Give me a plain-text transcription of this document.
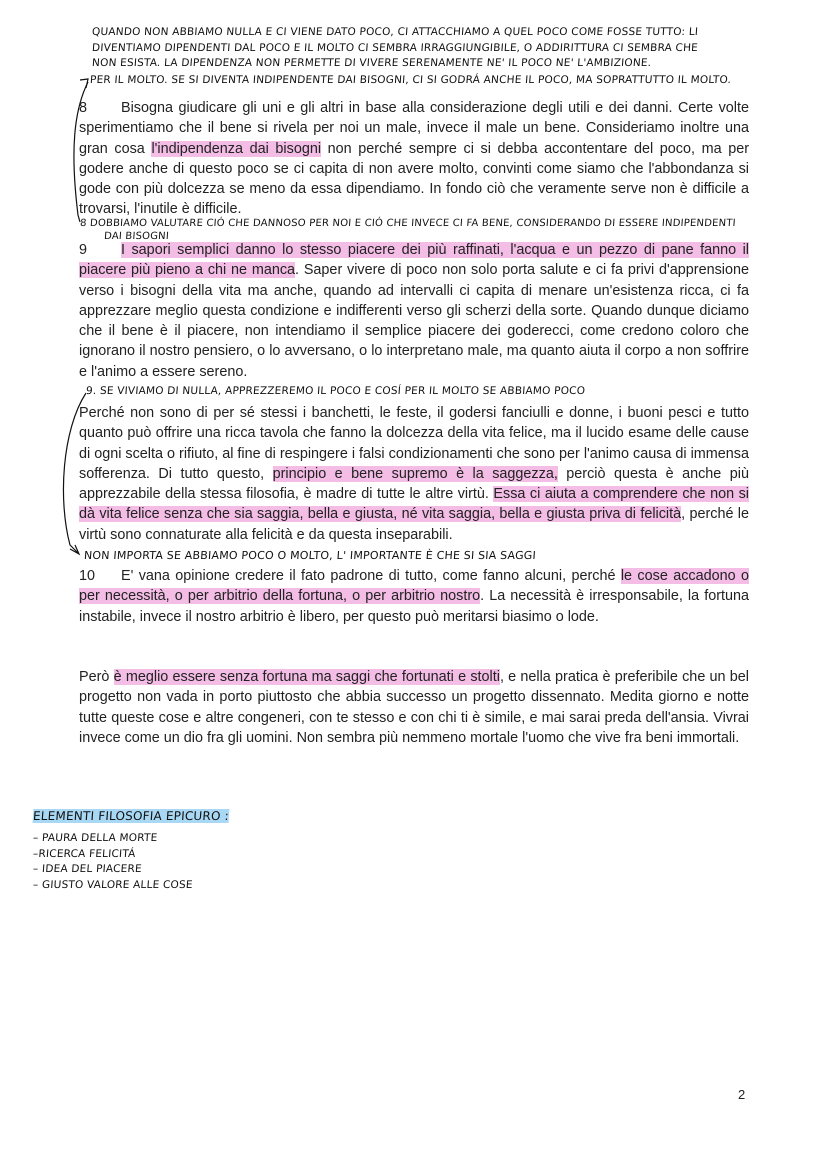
QUANDO NON ABBIAMO NULLA E CI VIENE DATO POCO, CI ATTACCHIAMO A QUEL POCO COME FOSSE TUTTO: LI
DIVENTIAMO DIPENDENTI DAL POCO E IL MOLTO CI SEMBRA IRRAGGIUNGIBILE, O ADDIRITTURA CI SEMBRA CHE
NON ESISTA. LA DIPENDENZA NON PERMETTE DI VIVERE SERENAMENTE NE' IL POCO NE' L'AMBIZIONE.
PER IL MOLTO. SE SI DIVENTA INDIPENDENTE DAI BISOGNI, CI SI GODRÁ ANCHE IL POCO, MA SOPRATTUTTO IL MOLTO.

8 Bisogna giudicare gli uni e gli altri in base alla considerazione degli utili e dei danni. Certe volte sperimentiamo che il bene si rivela per noi un male, invece il male un bene. Consideriamo inoltre una gran cosa l'indipendenza dai bisogni non perché sempre ci si debba accontentare del poco, ma per godere anche di questo poco se ci capita di non avere molto, convinti come siamo che l'abbondanza si gode con più dolcezza se meno da essa dipendiamo. In fondo ciò che veramente serve non è difficile a trovarsi, l'inutile è difficile.

8 DOBBIAMO VALUTARE CIÓ CHE DANNOSO PER NOI E CIÓ CHE INVECE CI FA BENE, CONSIDERANDO DI ESSERE INDIPENDENTI
DAI BISOGNI

9 I sapori semplici danno lo stesso piacere dei più raffinati, l'acqua e un pezzo di pane fanno il piacere più pieno a chi ne manca. Saper vivere di poco non solo porta salute e ci fa privi d'apprensione verso i bisogni della vita ma anche, quando ad intervalli ci capita di menare un'esistenza ricca, ci fa apprezzare meglio questa condizione e indifferenti verso gli scherzi della sorte. Quando dunque diciamo che il bene è il piacere, non intendiamo il semplice piacere dei goderecci, come credono coloro che ignorano il nostro pensiero, o lo avversano, o lo interpretano male, ma quanto aiuta il corpo a non soffrire e l'animo a essere sereno.

9. SE VIVIAMO DI NULLA, APPREZZEREMO IL POCO E COSÍ PER IL MOLTO SE ABBIAMO POCO

Perché non sono di per sé stessi i banchetti, le feste, il godersi fanciulli e donne, i buoni pesci e tutto quanto può offrire una ricca tavola che fanno la dolcezza della vita felice, ma il lucido esame delle cause di ogni scelta o rifiuto, al fine di respingere i falsi condizionamenti che sono per l'animo causa di immensa sofferenza. Di tutto questo, principio e bene supremo è la saggezza, perciò questa è anche più apprezzabile della stessa filosofia, è madre di tutte le altre virtù. Essa ci aiuta a comprendere che non si dà vita felice senza che sia saggia, bella e giusta, né vita saggia, bella e giusta priva di felicità, perché le virtù sono connaturate alla felicità e da questa inseparabili.

NON IMPORTA SE ABBIAMO POCO O MOLTO, L' IMPORTANTE È CHE SI SIA SAGGI

10 E' vana opinione credere il fato padrone di tutto, come fanno alcuni, perché le cose accadono o per necessità, o per arbitrio della fortuna, o per arbitrio nostro. La necessità è irresponsabile, la fortuna instabile, invece il nostro arbitrio è libero, per questo può meritarsi biasimo o lode.

Però è meglio essere senza fortuna ma saggi che fortunati e stolti, e nella pratica è preferibile che un bel progetto non vada in porto piuttosto che abbia successo un progetto dissennato. Medita giorno e notte tutte queste cose e altre congeneri, con te stesso e con chi ti è simile, e mai sarai preda dell'ansia. Vivrai invece come un dio fra gli uomini. Non sembra più nemmeno mortale l'uomo che vive fra beni immortali.

ELEMENTI FILOSOFIA EPICURO :
– PAURA DELLA MORTE
–RICERCA FELICITÁ
– IDEA DEL PIACERE
– GIUSTO VALORE ALLE COSE
2
